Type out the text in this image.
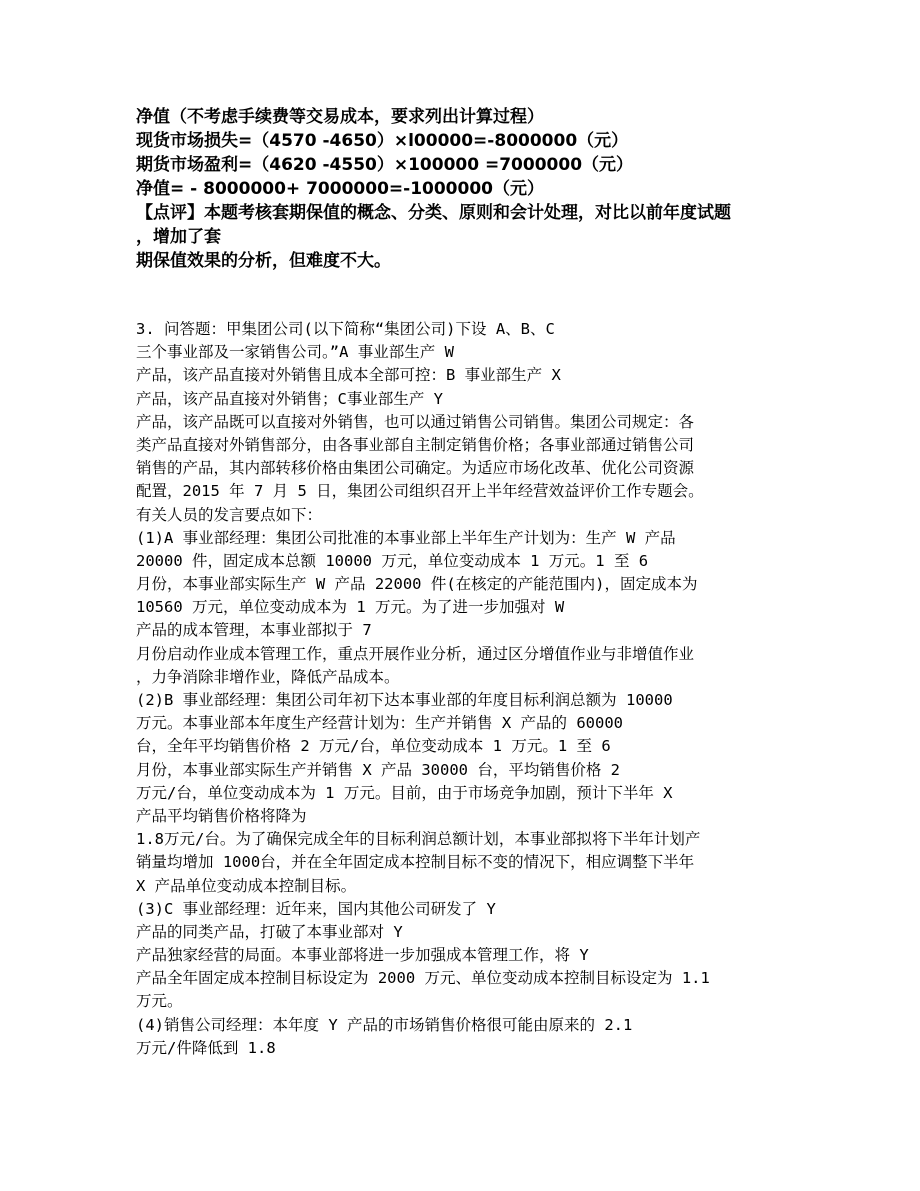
净值（不考虑手续费等交易成本，要求列出计算过程）
现货市场损失=（4570 -4650）×l00000=-8000000（元）
期货市场盈利=（4620 -4550）×100000 =7000000（元）
净值= - 8000000+ 7000000=-1000000（元）
【点评】本题考核套期保值的概念、分类、原则和会计处理，对比以前年度试题
，增加了套
期保值效果的分析，但难度不大。
3. 问答题：甲集团公司(以下简称“集团公司)下设 A、B、C
三个事业部及一家销售公司。”A 事业部生产 W
产品，该产品直接对外销售且成本全部可控：B 事业部生产 X
产品，该产品直接对外销售；C事业部生产 Y
产品，该产品既可以直接对外销售，也可以通过销售公司销售。集团公司规定：各
类产品直接对外销售部分，由各事业部自主制定销售价格；各事业部通过销售公司
销售的产品，其内部转移价格由集团公司确定。为适应市场化改革、优化公司资源
配置，2015 年 7 月 5 日，集团公司组织召开上半年经营效益评价工作专题会。
有关人员的发言要点如下：
(1)A 事业部经理：集团公司批准的本事业部上半年生产计划为：生产 W 产品
20000 件，固定成本总额 10000 万元，单位变动成本 1 万元。1 至 6
月份，本事业部实际生产 W 产品 22000 件(在核定的产能范围内)，固定成本为
10560 万元，单位变动成本为 1 万元。为了进一步加强对 W
产品的成本管理，本事业部拟于 7
月份启动作业成本管理工作，重点开展作业分析，通过区分增值作业与非增值作业
，力争消除非增作业，降低产品成本。
(2)B 事业部经理：集团公司年初下达本事业部的年度目标利润总额为 10000
万元。本事业部本年度生产经营计划为：生产并销售 X 产品的 60000
台，全年平均销售价格 2 万元/台，单位变动成本 1 万元。1 至 6
月份，本事业部实际生产并销售 X 产品 30000 台，平均销售价格 2
万元/台，单位变动成本为 1 万元。目前，由于市场竞争加剧，预计下半年 X
产品平均销售价格将降为
1.8万元/台。为了确保完成全年的目标利润总额计划，本事业部拟将下半年计划产
销量均增加 1000台，并在全年固定成本控制目标不变的情况下，相应调整下半年
X 产品单位变动成本控制目标。
(3)C 事业部经理：近年来，国内其他公司研发了 Y
产品的同类产品，打破了本事业部对 Y
产品独家经营的局面。本事业部将进一步加强成本管理工作，将 Y
产品全年固定成本控制目标设定为 2000 万元、单位变动成本控制目标设定为 1.1
万元。
(4)销售公司经理：本年度 Y 产品的市场销售价格很可能由原来的 2.1
万元/件降低到 1.8
